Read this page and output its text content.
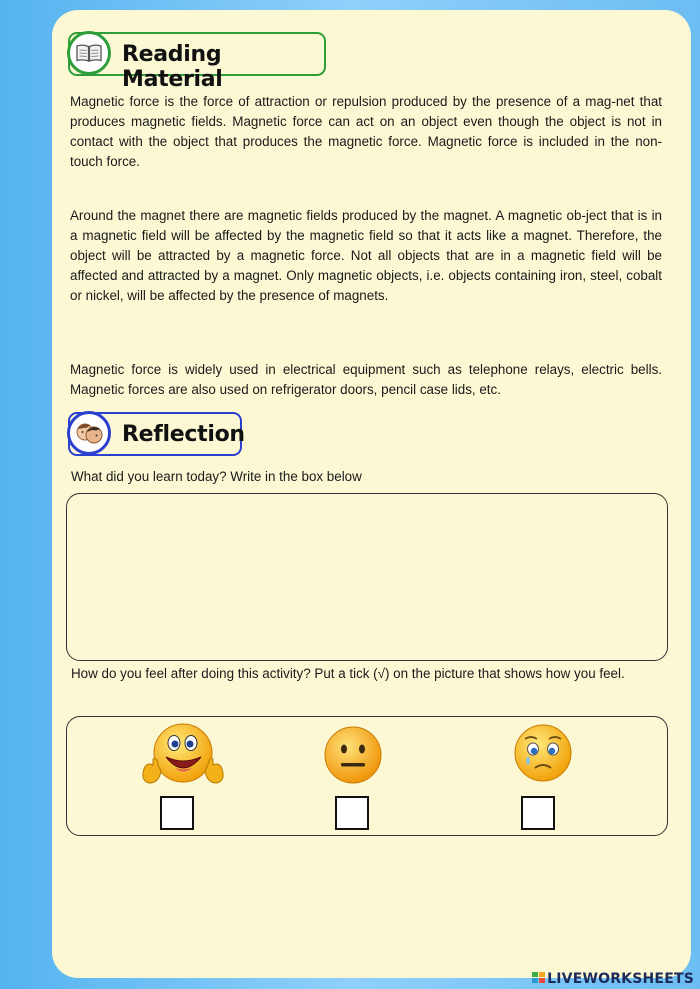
Reading Material

Magnetic force is the force of attraction or repulsion produced by the presence of a mag-net that produces magnetic fields. Magnetic force can act on an object even though the object is not in contact with the object that produces the magnetic force. Magnetic force is included in the non-touch force.

Around the magnet there are magnetic fields produced by the magnet. A magnetic ob-ject that is in a magnetic field will be affected by the magnetic field so that it acts like a magnet. Therefore, the object will be attracted by a magnetic force. Not all objects that are in a magnetic field will be affected and attracted by a magnet. Only magnetic objects, i.e. objects containing iron, steel, cobalt or nickel, will be affected by the presence of magnets.

Magnetic force is widely used in electrical equipment such as telephone relays, electric bells. Magnetic forces are also used on refrigerator doors, pencil case lids, etc.

Reflection

What did you learn today? Write in the box below

How do you feel after doing this activity? Put a tick (√) on the picture that shows how you feel.

LIVEWORKSHEETS
